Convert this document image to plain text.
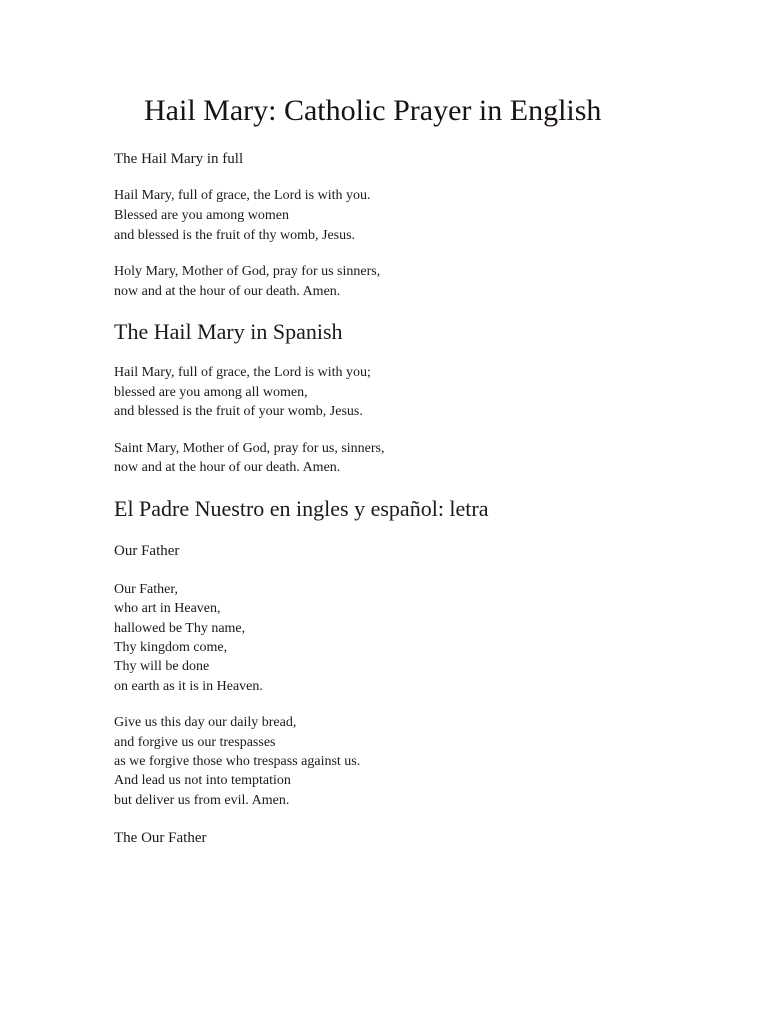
Hail Mary: Catholic Prayer in English
The Hail Mary in full
Hail Mary, full of grace, the Lord is with you.
Blessed are you among women
and blessed is the fruit of thy womb, Jesus.
Holy Mary, Mother of God, pray for us sinners,
now and at the hour of our death. Amen.
The Hail Mary in Spanish
Hail Mary, full of grace, the Lord is with you;
blessed are you among all women,
and blessed is the fruit of your womb, Jesus.
Saint Mary, Mother of God, pray for us, sinners,
now and at the hour of our death. Amen.
El Padre Nuestro en ingles y español: letra
Our Father
Our Father,
who art in Heaven,
hallowed be Thy name,
Thy kingdom come,
Thy will be done
on earth as it is in Heaven.
Give us this day our daily bread,
and forgive us our trespasses
as we forgive those who trespass against us.
And lead us not into temptation
but deliver us from evil. Amen.
The Our Father
